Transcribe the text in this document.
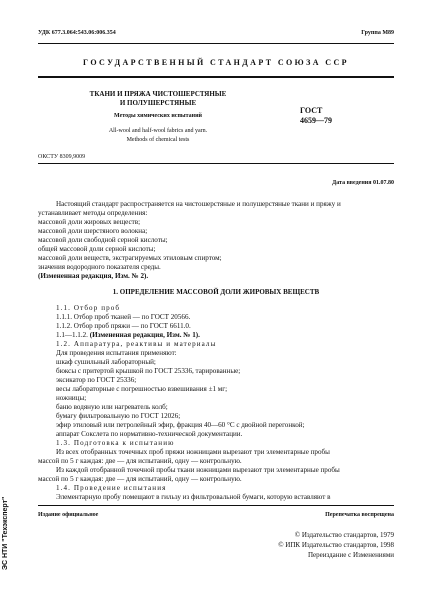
УДК 677.3.064:543.06:006.354	Группа М89
ГОСУДАРСТВЕННЫЙ СТАНДАРТ СОЮЗА ССР
ТКАНИ И ПРЯЖА ЧИСТОШЕРСТЯНЫЕ
И ПОЛУШЕРСТЯНЫЕ
Методы химических испытаний
All-wool and half-wool fabrics and yarn.
Methods of chemical tests
ГОСТ
4659—79
ОКСТУ 8309,9009
Дата введения 01.07.80
Настоящий стандарт распространяется на чистошерстяные и полушерстяные ткани и пряжу и
устанавливает методы определения:
массовой доли жировых веществ;
массовой доли шерстяного волокна;
массовой доли свободной серной кислоты;
общей массовой доли серной кислоты;
массовой доли веществ, экстрагируемых этиловым спиртом;
значения водородного показателя среды.
(Измененная редакция, Изм. № 2).
1. ОПРЕДЕЛЕНИЕ МАССОВОЙ ДОЛИ ЖИРОВЫХ ВЕЩЕСТВ
1.1. Отбор проб
1.1.1. Отбор проб тканей — по ГОСТ 20566.
1.1.2. Отбор проб пряжи — по ГОСТ 6611.0.
1.1—1.1.2. (Измененная редакция, Изм. № 1).
1.2. Аппаратура, реактивы и материалы
Для проведения испытания применяют:
шкаф сушильный лабораторный;
бюксы с притертой крышкой по ГОСТ 25336, тарированные;
эксикатор по ГОСТ 25336;
весы лабораторные с погрешностью взвешивания ±1 мг;
ножницы;
баню водяную или нагреватель колб;
бумагу фильтровальную по ГОСТ 12026;
эфир этиловый или петролейный эфир, фракция 40—60 °С с двойной перегонкой;
аппарат Сокслета по нормативно-технической документации.
1.3. Подготовка к испытанию
Из всех отобранных точечных проб пряжи ножницами вырезают три элементарные пробы
массой по 5 г каждая: две — для испытаний, одну — контрольную.
Из каждой отобранной точечной пробы ткани ножницами вырезают три элементарные пробы
массой по 5 г каждая: две — для испытаний, одну — контрольную.
1.4. Проведение испытания
Элементарную пробу помещают в гильзу из фильтровальной бумаги, которую вставляют в
Издание официальное	Перепечатка воспрещена
© Издательство стандартов, 1979
© ИПК Издательство стандартов, 1998
Переиздание с Изменениями
ЭС НТИ "Техэксперт"
